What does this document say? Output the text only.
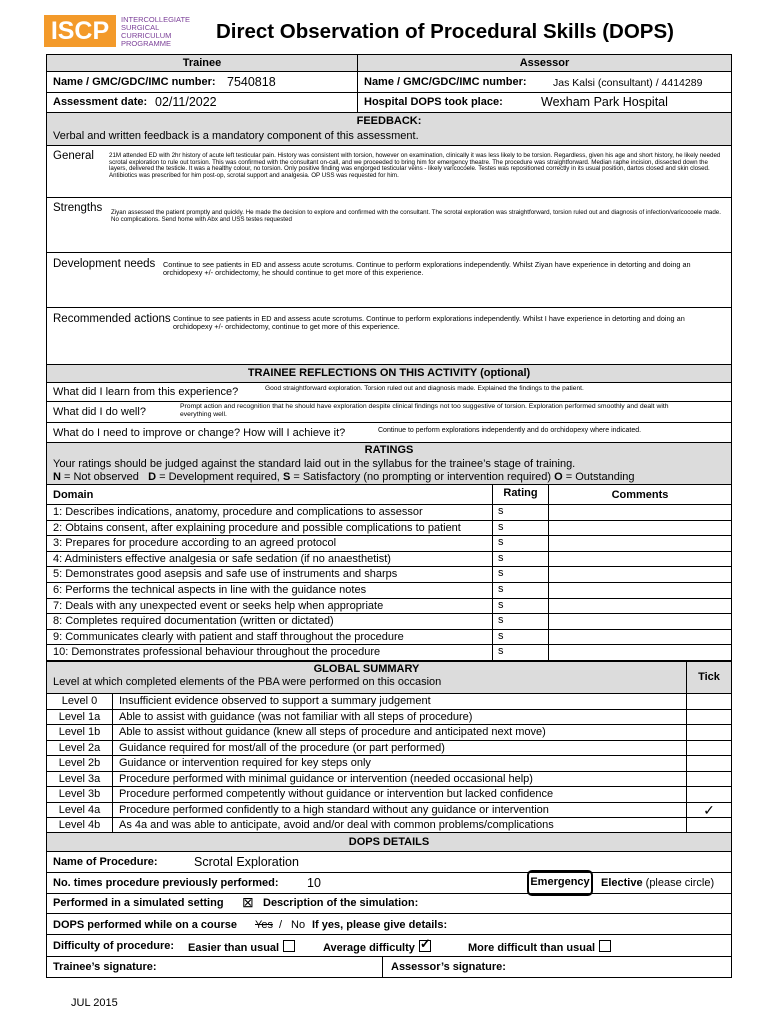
ISCP	INTERCOLLEGIATE
SURGICAL
CURRICULUM
PROGRAMME
Direct Observation of Procedural Skills (DOPS)
Trainee	Assessor
Name / GMC/GDC/IMC number: 7540818	Name / GMC/GDC/IMC number:	Jas Kalsi (consultant) / 4414289
Assessment date: 02/11/2022	Hospital DOPS took place:	Wexham Park Hospital
FEEDBACK:
Verbal and written feedback is a mandatory component of this assessment.
General 21M attended ED with 2hr history of acute left testicular pain. History was consistent with torsion, however on examination, clinically it was less likely to be torsion. Regardless, given his age and short history, he likely needed scrotal exploration to rule out torsion. This was confirmed with the consultant on-call, and we proceeded to bring him for emergency theatre. The procedure was straightforward. Median raphe incision, dissected down the layers, delivered the testicle. It was a healthy colour, no torsion. Only positive finding was engorged testicular veins - likely varicocoele. Testes was repositioned correctly in its usual position, dartos closed and skin closed. Antibiotics was prescribed for him post-op, scrotal support and analgesia. OP USS was requested for him.
Strengths Ziyan assessed the patient promptly and quickly. He made the decision to explore and confirmed with the consultant. The scrotal exploration was straightforward, torsion ruled out and diagnosis of infection/varicocoele made. No complications. Send home with Abx and USS testes requested
Development needs Continue to see patients in ED and assess acute scrotums. Continue to perform explorations independently. Whilst Ziyan have experience in detorting and doing an orchidopexy +/- orchidectomy, he should continue to get more of this experience.
Recommended actions Continue to see patients in ED and assess acute scrotums. Continue to perform explorations independently. Whilst I have experience in detorting and doing an orchidopexy +/- orchidectomy, continue to get more of this experience.
TRAINEE REFLECTIONS ON THIS ACTIVITY (optional)
What did I learn from this experience?	Good straightforward exploration. Torsion ruled out and diagnosis made. Explained the findings to the patient.
What did I do well?	Prompt action and recognition that he should have exploration despite clinical findings not too suggestive of torsion. Exploration performed smoothly and dealt with everything well.
What do I need to improve or change? How will I achieve it?	Continue to perform explorations independently and do orchidopexy where indicated.
RATINGS
Your ratings should be judged against the standard laid out in the syllabus for the trainee’s stage of training.
N = Not observed   D = Development required, S = Satisfactory (no prompting or intervention required) O = Outstanding
Domain	Rating	Comments
1: Describes indications, anatomy, procedure and complications to assessor	s
2: Obtains consent, after explaining procedure and possible complications to patient	s
3: Prepares for procedure according to an agreed protocol	s
4: Administers effective analgesia or safe sedation (if no anaesthetist)	s
5: Demonstrates good asepsis and safe use of instruments and sharps	s
6: Performs the technical aspects in line with the guidance notes	s
7: Deals with any unexpected event or seeks help when appropriate	s
8: Completes required documentation (written or dictated)	s
9: Communicates clearly with patient and staff throughout the procedure	s
10: Demonstrates professional behaviour throughout the procedure	s
GLOBAL SUMMARY
Level at which completed elements of the PBA were performed on this occasion	Tick
Level 0	Insufficient evidence observed to support a summary judgement
Level 1a	Able to assist with guidance (was not familiar with all steps of procedure)
Level 1b	Able to assist without guidance (knew all steps of procedure and anticipated next move)
Level 2a	Guidance required for most/all of the procedure (or part performed)
Level 2b	Guidance or intervention required for key steps only
Level 3a	Procedure performed with minimal guidance or intervention (needed occasional help)
Level 3b	Procedure performed competently without guidance or intervention but lacked confidence
Level 4a	Procedure performed confidently to a high standard without any guidance or intervention	✓
Level 4b	As 4a and was able to anticipate, avoid and/or deal with common problems/complications
DOPS DETAILS
Name of Procedure:	Scrotal Exploration
No. times procedure previously performed: 10	Emergency	Elective (please circle)
Performed in a simulated setting ⊠ Description of the simulation:
DOPS performed while on a course Yes / No If yes, please give details:
Difficulty of procedure: Easier than usual	Average difficulty ✓	More difficult than usual
Trainee’s signature:	Assessor’s signature:
JUL 2015
